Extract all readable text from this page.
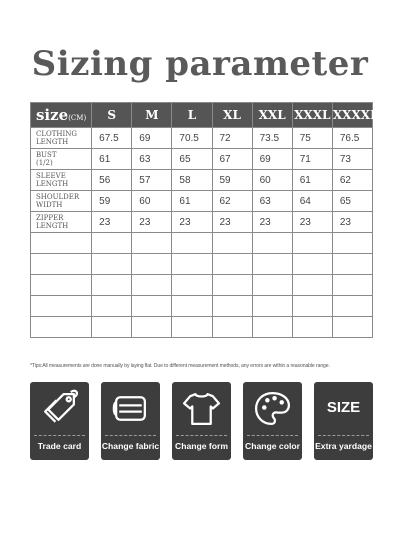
Sizing parameter
size(CM)	S	M	L	XL	XXL	XXXL	XXXXL
CLOTHING
LENGTH	67.5	69	70.5	72	73.5	75	76.5
BUST
(1/2)	61	63	65	67	69	71	73
SLEEVE
LENGTH	56	57	58	59	60	61	62
SHOULDER
WIDTH	59	60	61	62	63	64	65
ZIPPER
LENGTH	23	23	23	23	23	23	23

*Tips:All measurements are done manually by laying flat. Due to different measurement methods, any errors are within a reasonable range.
Trade card	Change fabric	Change form	Change color
SIZE
Extra yardage
